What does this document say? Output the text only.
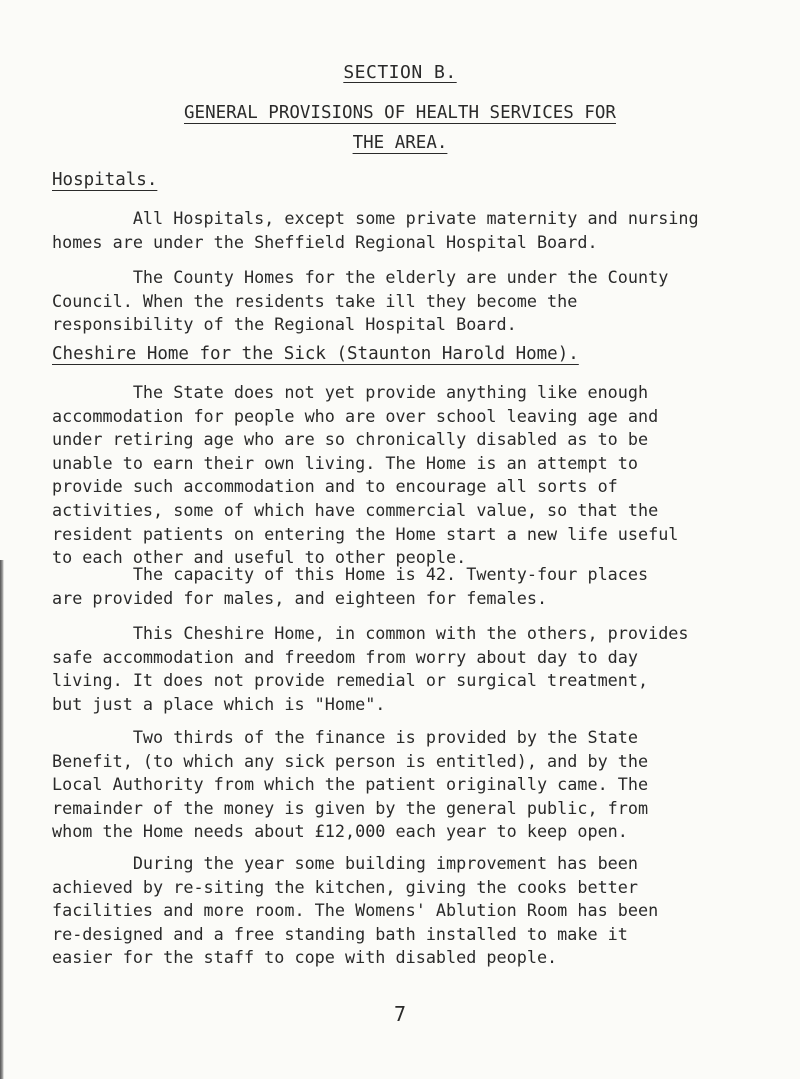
SECTION B.
GENERAL PROVISIONS OF HEALTH SERVICES FOR
THE AREA.
Hospitals.

All Hospitals, except some private maternity and nursing
homes are under the Sheffield Regional Hospital Board.

The County Homes for the elderly are under the County
Council. When the residents take ill they become the
responsibility of the Regional Hospital Board.

Cheshire Home for the Sick (Staunton Harold Home).

The State does not yet provide anything like enough
accommodation for people who are over school leaving age and
under retiring age who are so chronically disabled as to be
unable to earn their own living. The Home is an attempt to
provide such accommodation and to encourage all sorts of
activities, some of which have commercial value, so that the
resident patients on entering the Home start a new life useful
to each other and useful to other people.

The capacity of this Home is 42. Twenty-four places
are provided for males, and eighteen for females.

This Cheshire Home, in common with the others, provides
safe accommodation and freedom from worry about day to day
living. It does not provide remedial or surgical treatment,
but just a place which is "Home".

Two thirds of the finance is provided by the State
Benefit, (to which any sick person is entitled), and by the
Local Authority from which the patient originally came. The
remainder of the money is given by the general public, from
whom the Home needs about £12,000 each year to keep open.

During the year some building improvement has been
achieved by re-siting the kitchen, giving the cooks better
facilities and more room. The Womens' Ablution Room has been
re-designed and a free standing bath installed to make it
easier for the staff to cope with disabled people.

7
